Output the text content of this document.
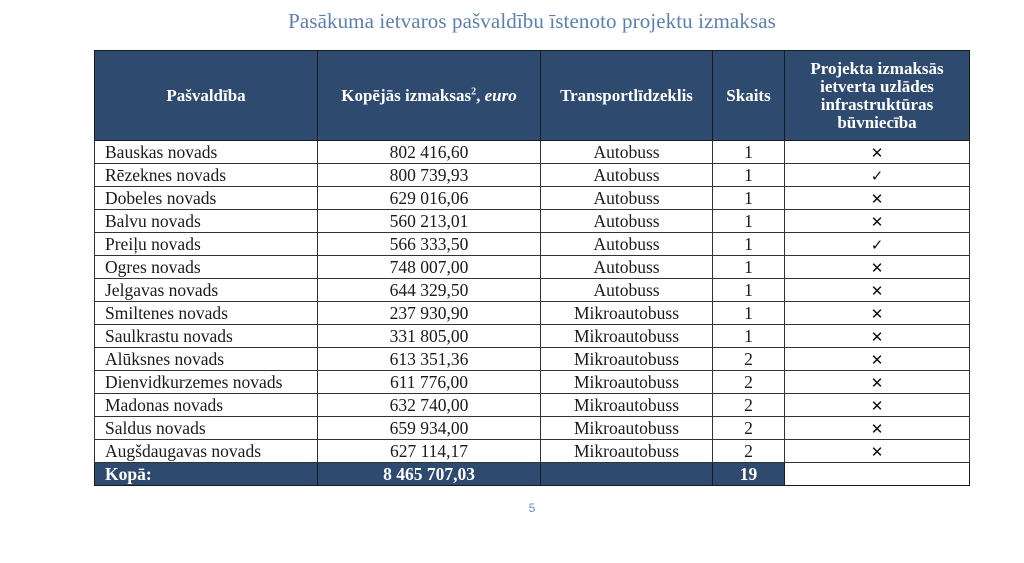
Pasākuma ietvaros pašvaldību īstenoto projektu izmaksas
Pašvaldība	Kopējās izmaksas$^2$, euro	Transportlīdzeklis	Skaits	Projekta izmaksās ietverta uzlādes infrastruktūras būvniecība
Bauskas novads	802 416,60	Autobuss	1	✕
Rēzeknes novads	800 739,93	Autobuss	1	✓
Dobeles novads	629 016,06	Autobuss	1	✕
Balvu novads	560 213,01	Autobuss	1	✕
Preiļu novads	566 333,50	Autobuss	1	✓
Ogres novads	748 007,00	Autobuss	1	✕
Jelgavas novads	644 329,50	Autobuss	1	✕
Smiltenes novads	237 930,90	Mikroautobuss	1	✕
Saulkrastu novads	331 805,00	Mikroautobuss	1	✕
Alūksnes novads	613 351,36	Mikroautobuss	2	✕
Dienvidkurzemes novads	611 776,00	Mikroautobuss	2	✕
Madonas novads	632 740,00	Mikroautobuss	2	✕
Saldus novads	659 934,00	Mikroautobuss	2	✕
Augšdaugavas novads	627 114,17	Mikroautobuss	2	✕
Kopā:	8 465 707,03		19	
5
